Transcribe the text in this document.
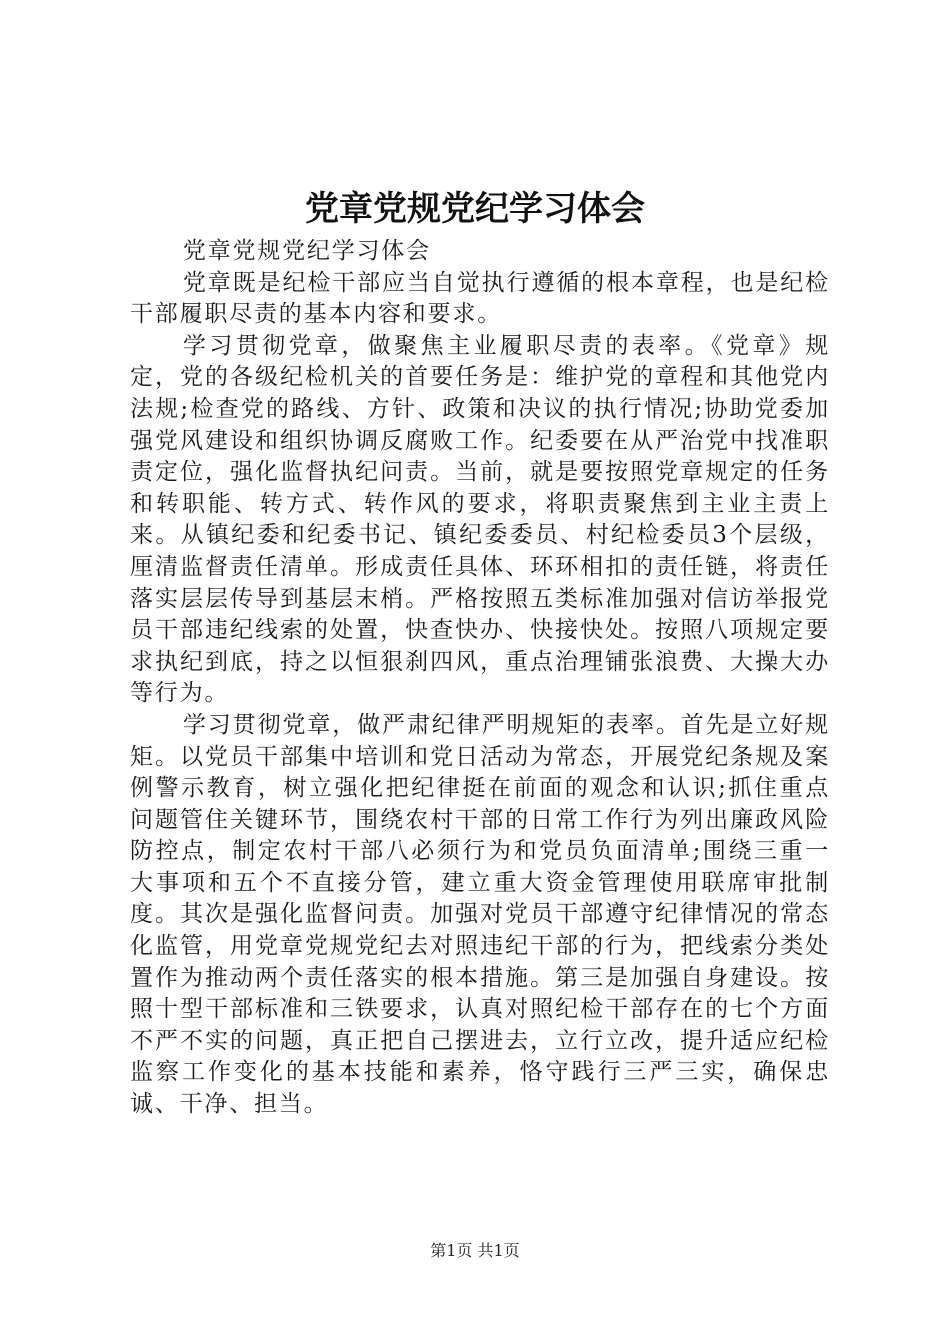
党章党规党纪学习体会

党章党规党纪学习体会

党章既是纪检干部应当自觉执行遵循的根本章程，也是纪检干部履职尽责的基本内容和要求。

学习贯彻党章，做聚焦主业履职尽责的表率。《党章》规定，党的各级纪检机关的首要任务是：维护党的章程和其他党内法规;检查党的路线、方针、政策和决议的执行情况;协助党委加强党风建设和组织协调反腐败工作。纪委要在从严治党中找准职责定位，强化监督执纪问责。当前，就是要按照党章规定的任务和转职能、转方式、转作风的要求，将职责聚焦到主业主责上来。从镇纪委和纪委书记、镇纪委委员、村纪检委员3个层级，厘清监督责任清单。形成责任具体、环环相扣的责任链，将责任落实层层传导到基层末梢。严格按照五类标准加强对信访举报党员干部违纪线索的处置，快查快办、快接快处。按照八项规定要求执纪到底，持之以恒狠刹四风，重点治理铺张浪费、大操大办等行为。

学习贯彻党章，做严肃纪律严明规矩的表率。首先是立好规矩。以党员干部集中培训和党日活动为常态，开展党纪条规及案例警示教育，树立强化把纪律挺在前面的观念和认识;抓住重点问题管住关键环节，围绕农村干部的日常工作行为列出廉政风险防控点，制定农村干部八必须行为和党员负面清单;围绕三重一大事项和五个不直接分管，建立重大资金管理使用联席审批制度。其次是强化监督问责。加强对党员干部遵守纪律情况的常态化监管，用党章党规党纪去对照违纪干部的行为，把线索分类处置作为推动两个责任落实的根本措施。第三是加强自身建设。按照十型干部标准和三铁要求，认真对照纪检干部存在的七个方面不严不实的问题，真正把自己摆进去，立行立改，提升适应纪检监察工作变化的基本技能和素养，恪守践行三严三实，确保忠诚、干净、担当。

第1页 共1页
